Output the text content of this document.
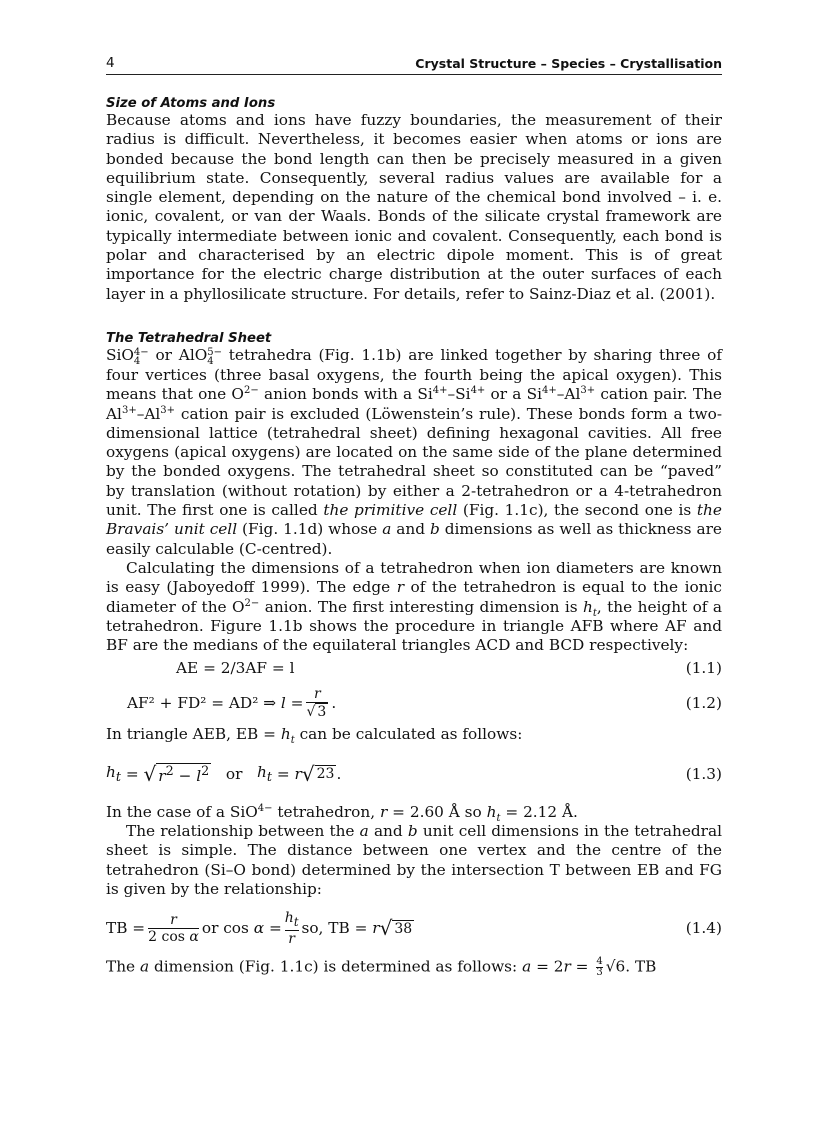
4	Crystal Structure – Species – Crystallisation
Size of Atoms and Ions

Because atoms and ions have fuzzy boundaries, the measurement of their radius is difficult. Nevertheless, it becomes easier when atoms or ions are bonded because the bond length can then be precisely measured in a given equilibrium state. Consequently, several radius values are available for a single element, depending on the nature of the chemical bond involved – i. e. ionic, covalent, or van der Waals. Bonds of the silicate crystal framework are typically intermediate between ionic and covalent. Consequently, each bond is polar and characterised by an electric dipole moment. This is of great importance for the electric charge distribution at the outer surfaces of each layer in a phyllosilicate structure. For details, refer to Sainz-Diaz et al. (2001).

The Tetrahedral Sheet

SiO 4−
4 or AlO 5−
4 tetrahedra (Fig. 1.1b) are linked together by sharing three of four vertices (three basal oxygens, the fourth being the apical oxygen). This means that one $O^{2-}$ anion bonds with a $Si^{4+}-Si^{4+}$ or a $Si^{4+}-Al^{3+}$ cation pair. The $Al^{3+}-Al^{3+}$ cation pair is excluded (Löwenstein’s rule). These bonds form a two-dimensional lattice (tetrahedral sheet) defining hexagonal cavities. All free oxygens (apical oxygens) are located on the same side of the plane determined by the bonded oxygens. The tetrahedral sheet so constituted can be “paved” by translation (without rotation) by either a 2-tetrahedron or a 4-tetrahedron unit. The first one is called the primitive cell (Fig. 1.1c), the second one is the Bravais’ unit cell (Fig. 1.1d) whose a and b dimensions as well as thickness are easily calculable (C-centred).

Calculating the dimensions of a tetrahedron when ion diameters are known is easy (Jaboyedoff 1999). The edge r of the tetrahedron is equal to the ionic diameter of the $O^{2-}$ anion. The first interesting dimension is $h_t$, the height of a tetrahedron. Figure 1.1b shows the procedure in triangle AFB where AF and BF are the medians of the equilateral triangles ACD and BCD respectively:

AE = 2/3AF = l	(1.1)
AF² + FD² = AD² ⇒
$l = \frac{r}{√ 3}$ .	(1.2)

In triangle AEB, EB = $h_t$ can be calculated as follows:

$h_t$ = √ $r^2 - l^2$
or
$h_t = r$ √ 23 .	(1.3)

In the case of a SiO$^{4-}$ tetrahedron, r = 2.60 Å so $h_t = 2.12$ Å.

The relationship between the a and b unit cell dimensions in the tetrahedral sheet is simple. The distance between one vertex and the centre of the tetrahedron (Si–O bond) determined by the intersection T between EB and FG is given by the relationship:

TB = $\frac{r}{\text{2 cos α}}$ or cos
$\alpha = \frac{h_t}{r}$ so, TB =
r √ 38	(1.4)

The a dimension (Fig. 1.1c) is determined as follows: $a = 2r = \frac{4}{3} √6$. TB
